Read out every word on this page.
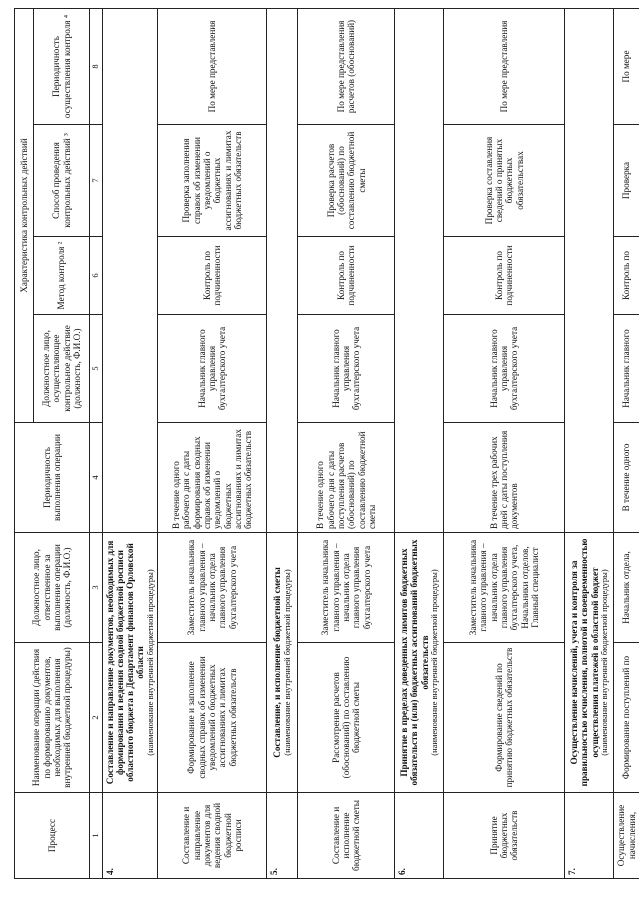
Процесс	Наименование операции (действия по формированию документов, необходимых для выполнения внутренней бюджетной процедуры)	Должностное лицо, ответственное за выполнение операции (должность, Ф.И.О.)	Периодичность выполнения операции	Характеристика контрольных действий			
				Должностное лицо, осуществляющее контрольное действие (должность, Ф.И.О.)	Метод контроля ²	Способ проведения контрольных действий ³	Периодичность осуществления контроля ⁴
1	2	3	4	5	6	7	8
4.	Составление и направление документов, необходимых для формирования и ведения сводной бюджетной росписи областного бюджета в Департамент финансов Орловской области (наименование внутренней бюджетной процедуры)						

Составление и направление документов для ведения сводной бюджетной росписи	Формирование и заполнение сводных справок об изменении уведомлений о бюджетных ассигнованиях и лимитах бюджетных обязательств	Заместитель начальника главного управления – начальник отдела главного управления бухгалтерского учета	В течение одного рабочего дня с даты формирования сводных справок об изменении уведомлений о бюджетных ассигнованиях и лимитах бюджетных обязательств	Начальник главного управления бухгалтерского учета	Контроль по подчиненности	Проверка заполнения справок об изменении уведомлений о бюджетных ассигнованиях и лимитах бюджетных обязательств	По мере представления
5.	Составление, и исполнение бюджетной сметы (наименование внутренней бюджетной процедуры)						

Составление и исполнение бюджетной сметы	Рассмотрение расчетов (обоснований) по составлению бюджетной сметы	Заместитель начальника главного управления – начальник отдела главного управления бухгалтерского учета	В течение одного рабочего дня с даты поступления расчетов (обоснований) по составлению бюджетной сметы	Начальник главного управления бухгалтерского учета	Контроль по подчиненности	Проверка расчетов (обоснований) по составлению бюджетной сметы	По мере представления расчетов (обоснований)
6.	Принятие в пределах доведенных лимитов бюджетных обязательств и (или) бюджетных ассигнований бюджетных обязательств (наименование внутренней бюджетной процедуры)						

Принятие бюджетных обязательств	Формирование сведений по принятию бюджетных обязательств	Заместитель начальника главного управления – начальник отдела главного управления бухгалтерского учета, Начальники отделов, Главный специалист	В течение трех рабочих дней с даты поступления документов	Начальник главного управления бухгалтерского учета	Контроль по подчиненности	Проверка составления сведений о принятых бюджетных обязательствах	По мере представления
7.	Осуществление начислений, учета и контроля за правильностью исчисления, полнотой и своевременностью осуществления платежей в областной бюджет (наименование внутренней бюджетной процедуры)						

Осуществление начисления,	Формирование поступлений по	Начальник отдела,	В течение одного	Начальник главного	Контроль по	Проверка	По мере
